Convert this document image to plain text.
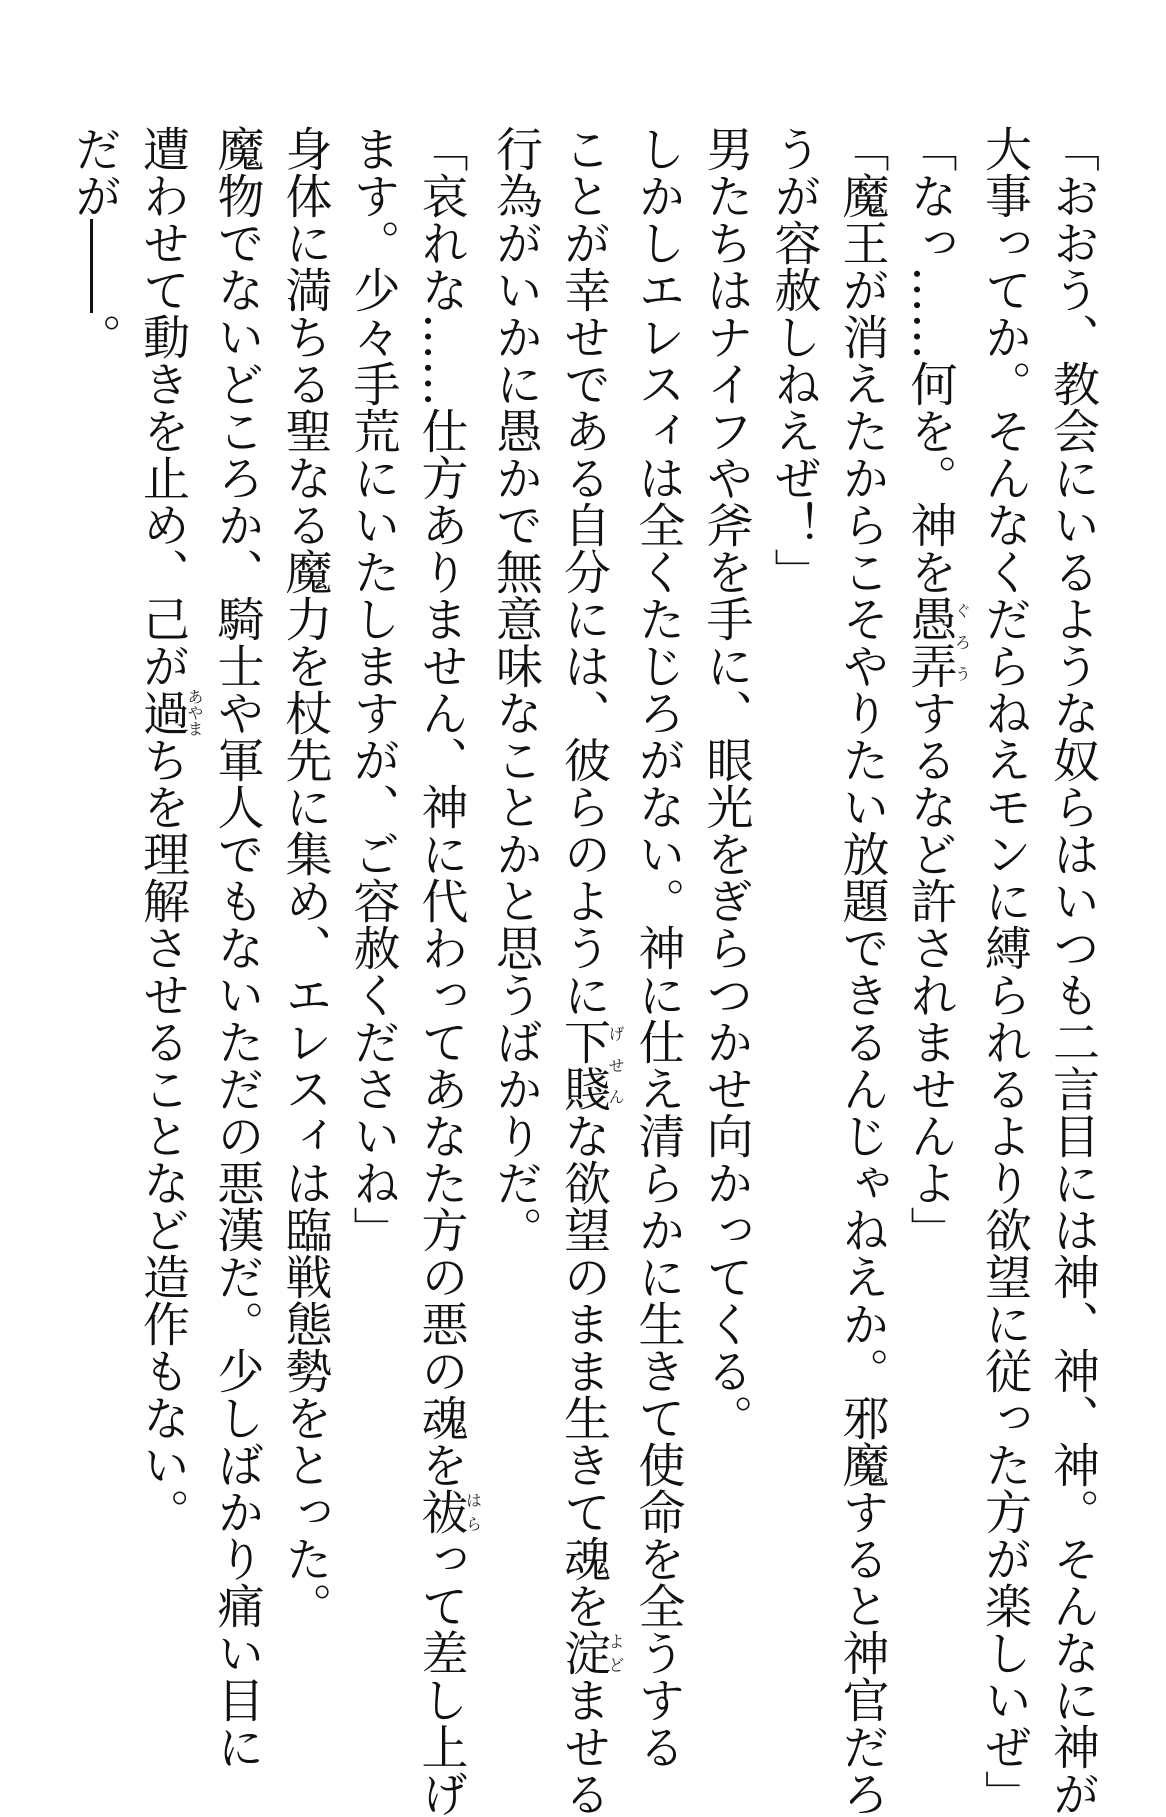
「おおう、教会にいるような奴らはいつも二言目には神、神、神。そんなに神が
大事ってか。そんなくだらねえモンに縛られるより欲望に従った方が楽しいぜ」
「なっ……何を。神を愚弄ぐろうするなど許されませんよ」
「魔王が消えたからこそやりたい放題できるんじゃねえか。邪魔すると神官だろ
うが容赦しねえぜ！」
男たちはナイフや斧を手に、眼光をぎらつかせ向かってくる。
しかしエレスィは全くたじろがない。神に仕え清らかに生きて使命を全うする
ことが幸せである自分には、彼らのように下賤げせんな欲望のまま生きて魂を淀よどませる
行為がいかに愚かで無意味なことかと思うばかりだ。
「哀れな……仕方ありません、神に代わってあなた方の悪の魂を祓はらって差し上げ
ます。少々手荒にいたしますが、ご容赦くださいね」
身体に満ちる聖なる魔力を杖先に集め、エレスィは臨戦態勢をとった。
魔物でないどころか、騎士や軍人でもないただの悪漢だ。少しばかり痛い目に
遭わせて動きを止め、己が過あやまちを理解させることなど造作もない。
だが――。
